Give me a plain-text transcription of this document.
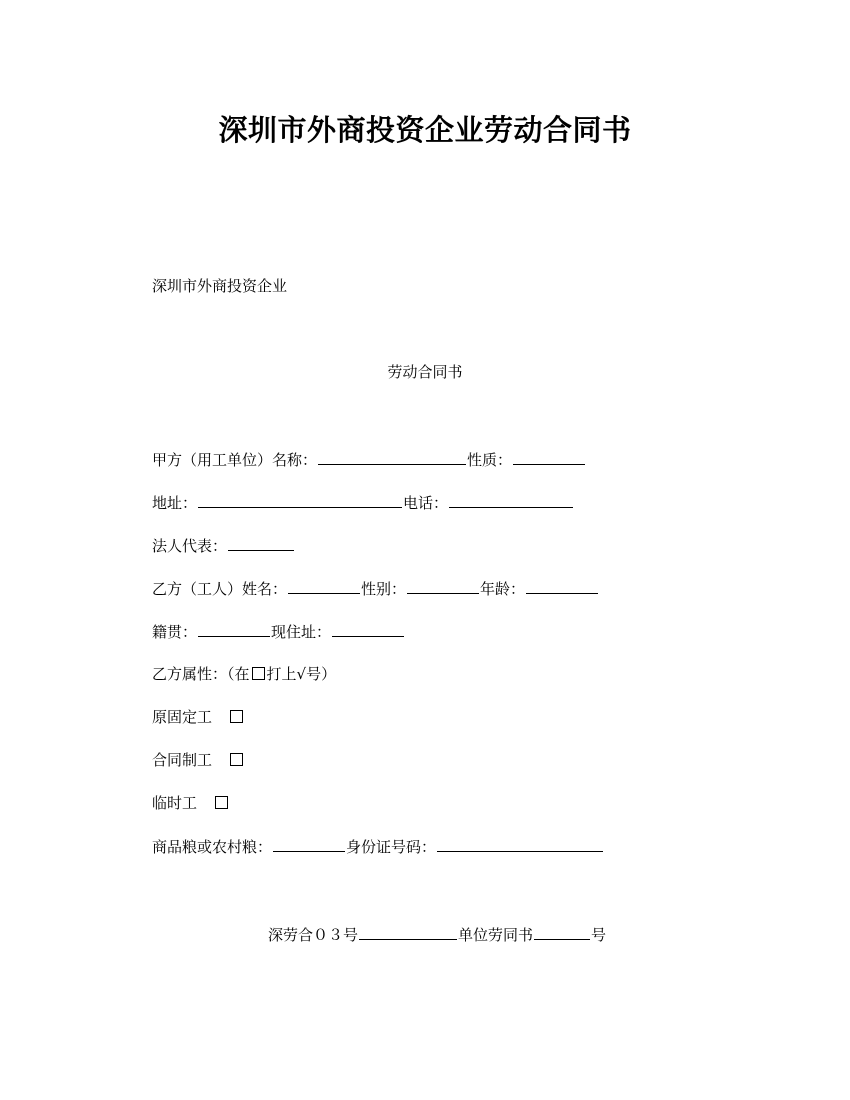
深圳市外商投资企业劳动合同书
深圳市外商投资企业
劳动合同书
甲方（用工单位）名称：	性质：
地址：	电话：
法人代表：
乙方（工人）姓名：	性别：	年龄：
籍贯：	现住址：
乙方属性：（在 打上√号）
原固定工
合同制工
临时工
商品粮或农村粮：	身份证号码：
深劳合０３号	单位劳同书	号
